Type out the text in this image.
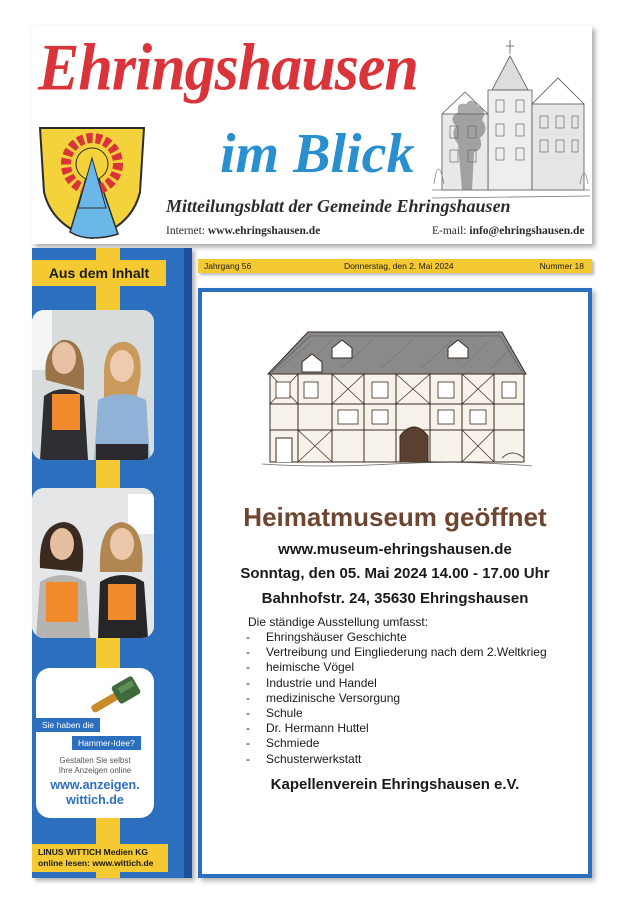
Ehringshausen
im Blick
Mitteilungsblatt der Gemeinde Ehringshausen
Internet: www.ehringshausen.de	E-mail: info@ehringshausen.de
Aus dem Inhalt
Sie haben die
Hammer-Idee?
Gestalten Sie selbst
Ihre Anzeigen online
www.anzeigen.
wittich.de
LINUS WITTICH Medien KG
online lesen: www.wittich.de
Jahrgang 56	Donnerstag, den 2. Mai 2024	Nummer 18
Heimatmuseum geöffnet
www.museum-ehringshausen.de
Sonntag, den 05. Mai 2024 14.00 - 17.00 Uhr
Bahnhofstr. 24, 35630 Ehringshausen
Die ständige Ausstellung umfasst:
- Ehringshäuser Geschichte
- Vertreibung und Eingliederung nach dem 2.Weltkrieg
- heimische Vögel
- Industrie und Handel
- medizinische Versorgung
- Schule
- Dr. Hermann Huttel
- Schmiede
- Schusterwerkstatt
Kapellenverein Ehringshausen e.V.
